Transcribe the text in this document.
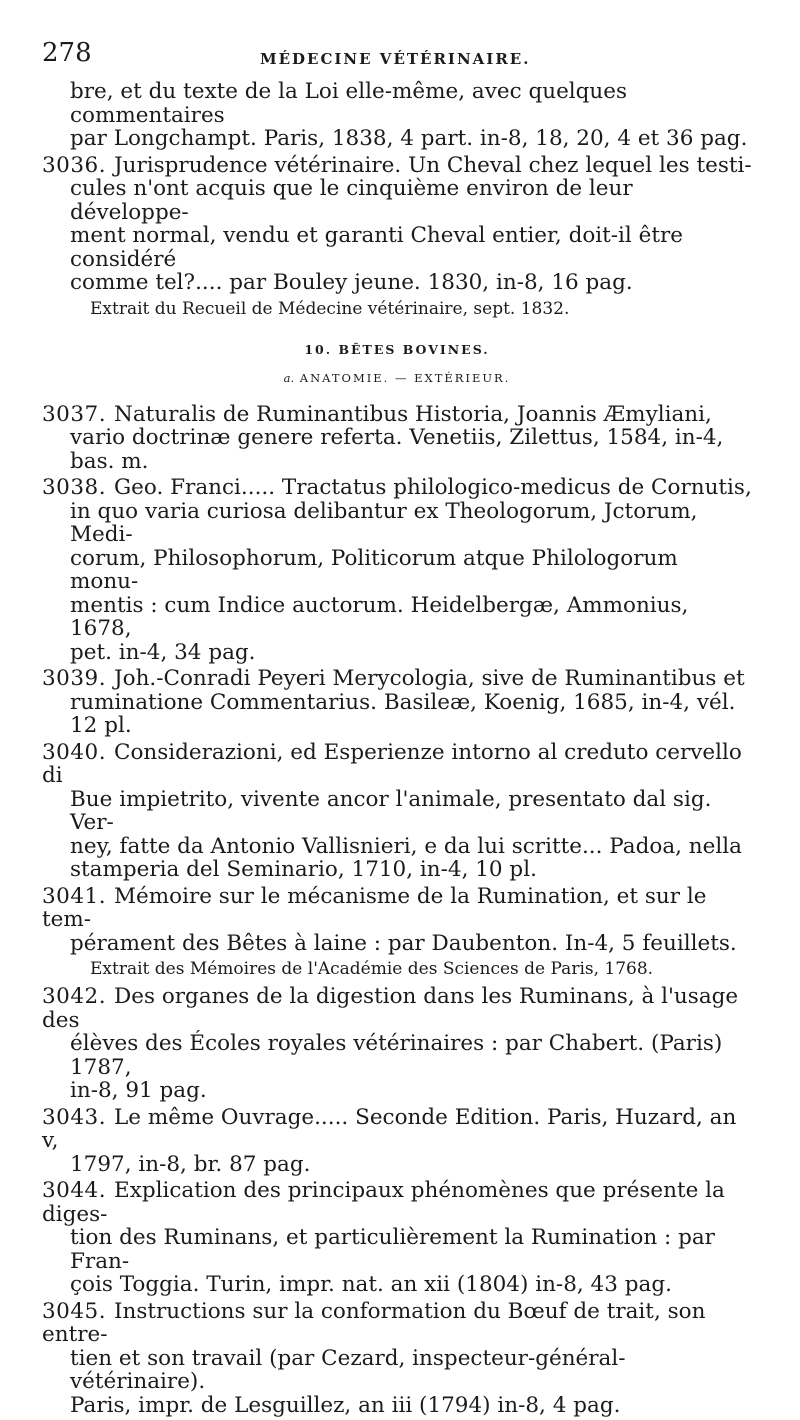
278	MÉDECINE VÉTÉRINAIRE.
bre, et du texte de la Loi elle-même, avec quelques commentaires
par Longchampt. Paris, 1838, 4 part. in-8, 18, 20, 4 et 36 pag.
3036. Jurisprudence vétérinaire. Un Cheval chez lequel les testi-
cules n'ont acquis que le cinquième environ de leur développe-
ment normal, vendu et garanti Cheval entier, doit-il être considéré
comme tel?.... par Bouley jeune. 1830, in-8, 16 pag.
Extrait du Recueil de Médecine vétérinaire, sept. 1832.
10. BÊTES BOVINES.
a. ANATOMIE. — EXTÉRIEUR.
3037. Naturalis de Ruminantibus Historia, Joannis Æmyliani,
vario doctrinæ genere referta. Venetiis, Zilettus, 1584, in-4,
bas. m.
3038. Geo. Franci..... Tractatus philologico-medicus de Cornutis,
in quo varia curiosa delibantur ex Theologorum, Jctorum, Medi-
corum, Philosophorum, Politicorum atque Philologorum monu-
mentis : cum Indice auctorum. Heidelbergæ, Ammonius, 1678,
pet. in-4, 34 pag.
3039. Joh.-Conradi Peyeri Merycologia, sive de Ruminantibus et
ruminatione Commentarius. Basileæ, Koenig, 1685, in-4, vél.
12 pl.
3040. Considerazioni, ed Esperienze intorno al creduto cervello di
Bue impietrito, vivente ancor l'animale, presentato dal sig. Ver-
ney, fatte da Antonio Vallisnieri, e da lui scritte... Padoa, nella
stamperia del Seminario, 1710, in-4, 10 pl.
3041. Mémoire sur le mécanisme de la Rumination, et sur le tem-
pérament des Bêtes à laine : par Daubenton. In-4, 5 feuillets.
Extrait des Mémoires de l'Académie des Sciences de Paris, 1768.
3042. Des organes de la digestion dans les Ruminans, à l'usage des
élèves des Écoles royales vétérinaires : par Chabert. (Paris) 1787,
in-8, 91 pag.
3043. Le même Ouvrage..... Seconde Edition. Paris, Huzard, an v,
1797, in-8, br. 87 pag.
3044. Explication des principaux phénomènes que présente la diges-
tion des Ruminans, et particulièrement la Rumination : par Fran-
çois Toggia. Turin, impr. nat. an xii (1804) in-8, 43 pag.
3045. Instructions sur la conformation du Bœuf de trait, son entre-
tien et son travail (par Cezard, inspecteur-général-vétérinaire).
Paris, impr. de Lesguillez, an iii (1794) in-8, 4 pag.
